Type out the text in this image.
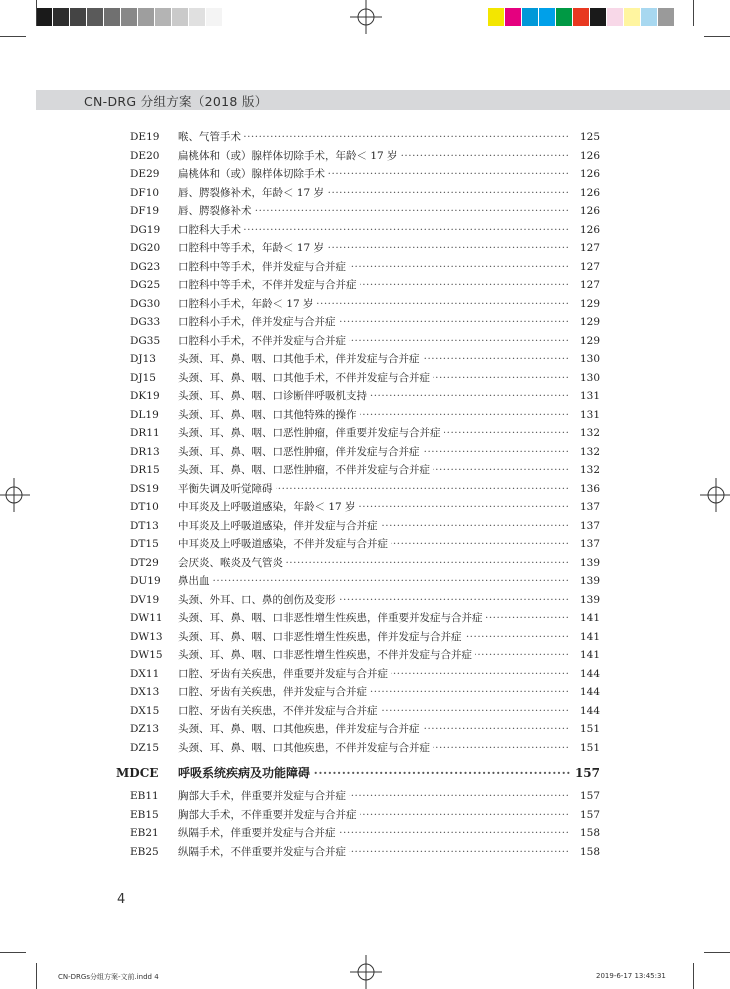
CN-DRG 分组方案（2018 版）
DE19	喉、气管手术 ·····	125
DE20	扁桃体和（或）腺样体切除手术，年龄＜ 17 岁 ·····	126
DE29	扁桃体和（或）腺样体切除手术 ·····	126
DF10	唇、腭裂修补术，年龄＜ 17 岁 ·····	126
DF19	唇、腭裂修补术 ·····	126
DG19	口腔科大手术 ·····	126
DG20	口腔科中等手术，年龄＜ 17 岁 ·····	127
DG23	口腔科中等手术，伴并发症与合并症 ·····	127
DG25	口腔科中等手术，不伴并发症与合并症 ·····	127
DG30	口腔科小手术，年龄＜ 17 岁 ·····	129
DG33	口腔科小手术，伴并发症与合并症 ·····	129
DG35	口腔科小手术，不伴并发症与合并症 ·····	129
DJ13	头颈、耳、鼻、咽、口其他手术，伴并发症与合并症 ·····	130
DJ15	头颈、耳、鼻、咽、口其他手术，不伴并发症与合并症 ·····	130
DK19	头颈、耳、鼻、咽、口诊断伴呼吸机支持 ·····	131
DL19	头颈、耳、鼻、咽、口其他特殊的操作 ·····	131
DR11	头颈、耳、鼻、咽、口恶性肿瘤，伴重要并发症与合并症 ·····	132
DR13	头颈、耳、鼻、咽、口恶性肿瘤，伴并发症与合并症 ·····	132
DR15	头颈、耳、鼻、咽、口恶性肿瘤，不伴并发症与合并症 ·····	132
DS19	平衡失调及听觉障碍 ·····	136
DT10	中耳炎及上呼吸道感染，年龄＜ 17 岁 ·····	137
DT13	中耳炎及上呼吸道感染，伴并发症与合并症 ·····	137
DT15	中耳炎及上呼吸道感染，不伴并发症与合并症 ·····	137
DT29	会厌炎、喉炎及气管炎 ·····	139
DU19	鼻出血 ·····	139
DV19	头颈、外耳、口、鼻的创伤及变形 ·····	139
DW11	头颈、耳、鼻、咽、口非恶性增生性疾患，伴重要并发症与合并症 ·····	141
DW13	头颈、耳、鼻、咽、口非恶性增生性疾患，伴并发症与合并症 ·····	141
DW15	头颈、耳、鼻、咽、口非恶性增生性疾患，不伴并发症与合并症 ·····	141
DX11	口腔、牙齿有关疾患，伴重要并发症与合并症 ·····	144
DX13	口腔、牙齿有关疾患，伴并发症与合并症 ·····	144
DX15	口腔、牙齿有关疾患，不伴并发症与合并症 ·····	144
DZ13	头颈、耳、鼻、咽、口其他疾患，伴并发症与合并症 ·····	151
DZ15	头颈、耳、鼻、咽、口其他疾患，不伴并发症与合并症 ·····	151
MDCE	呼吸系统疾病及功能障碍 ·····	157
EB11	胸部大手术，伴重要并发症与合并症 ·····	157
EB15	胸部大手术，不伴重要并发症与合并症 ·····	157
EB21	纵隔手术，伴重要并发症与合并症 ·····	158
EB25	纵隔手术，不伴重要并发症与合并症 ·····	158
4
CN-DRGs分组方案-文前.indd 4	2019-6-17 13:45:31
